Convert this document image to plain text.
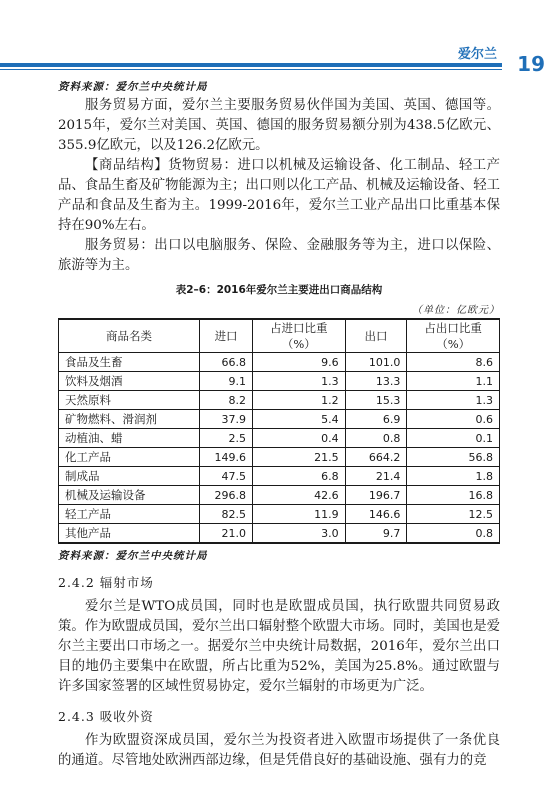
爱尔兰 19
资料来源：爱尔兰中央统计局

服务贸易方面，爱尔兰主要服务贸易伙伴国为美国、英国、德国等。2015年，爱尔兰对美国、英国、德国的服务贸易额分别为438.5亿欧元、355.9亿欧元，以及126.2亿欧元。

【商品结构】货物贸易：进口以机械及运输设备、化工制品、轻工产品、食品生畜及矿物能源为主；出口则以化工产品、机械及运输设备、轻工产品和食品及生畜为主。1999-2016年，爱尔兰工业产品出口比重基本保持在90%左右。

服务贸易：出口以电脑服务、保险、金融服务等为主，进口以保险、旅游等为主。

表2–6：2016年爱尔兰主要进出口商品结构
（单位：亿欧元）
商品名类	进口	占进口比重（%）	出口	占出口比重（%）
食品及生畜	66.8	9.6	101.0	8.6
饮料及烟酒	9.1	1.3	13.3	1.1
天然原料	8.2	1.2	15.3	1.3
矿物燃料、滑润剂	37.9	5.4	6.9	0.6
动植油、蜡	2.5	0.4	0.8	0.1
化工产品	149.6	21.5	664.2	56.8
制成品	47.5	6.8	21.4	1.8
机械及运输设备	296.8	42.6	196.7	16.8
轻工产品	82.5	11.9	146.6	12.5
其他产品	21.0	3.0	9.7	0.8
资料来源：爱尔兰中央统计局
2.4.2 辐射市场

爱尔兰是WTO成员国，同时也是欧盟成员国，执行欧盟共同贸易政策。作为欧盟成员国，爱尔兰出口辐射整个欧盟大市场。同时，美国也是爱尔兰主要出口市场之一。据爱尔兰中央统计局数据，2016年，爱尔兰出口目的地仍主要集中在欧盟，所占比重为52%，美国为25.8%。通过欧盟与许多国家签署的区域性贸易协定，爱尔兰辐射的市场更为广泛。

2.4.3 吸收外资

作为欧盟资深成员国，爱尔兰为投资者进入欧盟市场提供了一条优良的通道。尽管地处欧洲西部边缘，但是凭借良好的基础设施、强有力的竞
